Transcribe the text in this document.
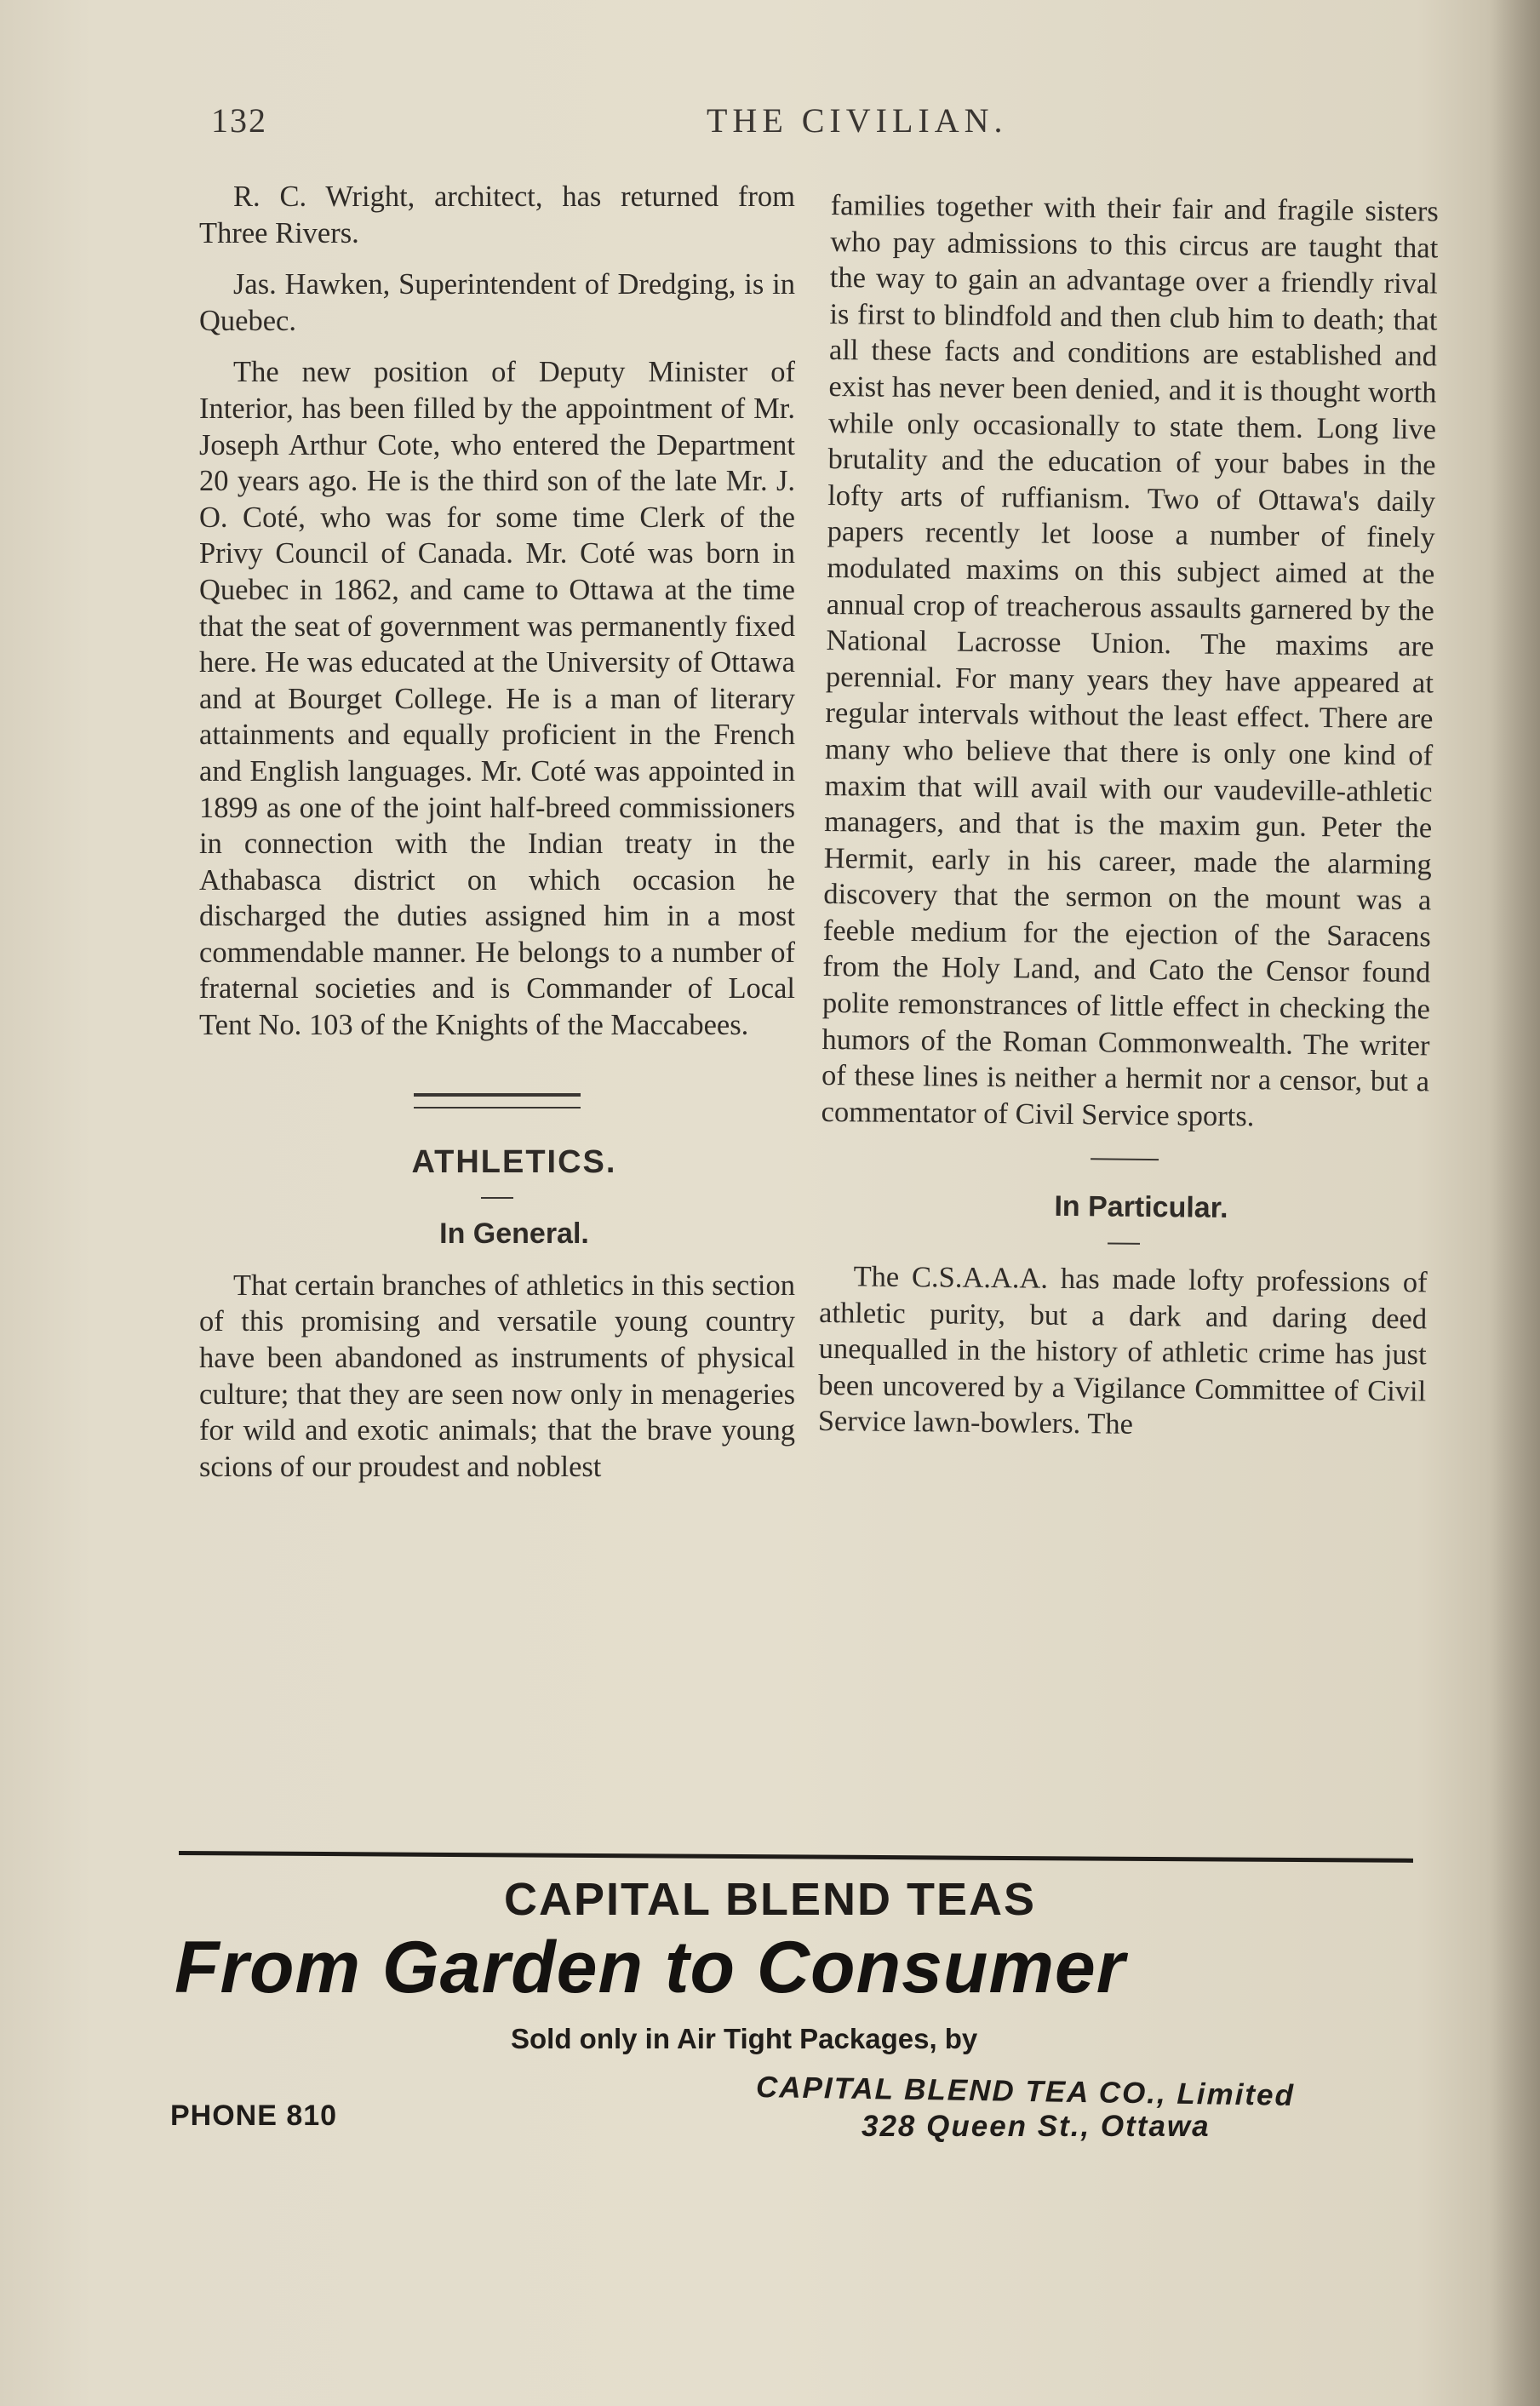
132	THE CIVILIAN.

R. C. Wright, architect, has returned from Three Rivers.

Jas. Hawken, Superintendent of Dredging, is in Quebec.

The new position of Deputy Minister of Interior, has been filled by the appointment of Mr. Joseph Arthur Cote, who entered the Department 20 years ago. He is the third son of the late Mr. J. O. Coté, who was for some time Clerk of the Privy Council of Canada. Mr. Coté was born in Quebec in 1862, and came to Ottawa at the time that the seat of government was permanently fixed here. He was educated at the University of Ottawa and at Bourget College. He is a man of literary attainments and equally proficient in the French and English languages. Mr. Coté was appointed in 1899 as one of the joint half-breed commissioners in connection with the Indian treaty in the Athabasca district on which occasion he discharged the duties assigned him in a most commendable manner. He belongs to a number of fraternal societies and is Commander of Local Tent No. 103 of the Knights of the Maccabees.

ATHLETICS.

In General.

That certain branches of athletics in this section of this promising and versatile young country have been abandoned as instruments of physical culture; that they are seen now only in menageries for wild and exotic animals; that the brave young scions of our proudest and noblest

families together with their fair and fragile sisters who pay admissions to this circus are taught that the way to gain an advantage over a friendly rival is first to blindfold and then club him to death; that all these facts and conditions are established and exist has never been denied, and it is thought worth while only occasionally to state them. Long live brutality and the education of your babes in the lofty arts of ruffianism. Two of Ottawa's daily papers recently let loose a number of finely modulated maxims on this subject aimed at the annual crop of treacherous assaults garnered by the National Lacrosse Union. The maxims are perennial. For many years they have appeared at regular intervals without the least effect. There are many who believe that there is only one kind of maxim that will avail with our vaudeville-athletic managers, and that is the maxim gun. Peter the Hermit, early in his career, made the alarming discovery that the sermon on the mount was a feeble medium for the ejection of the Saracens from the Holy Land, and Cato the Censor found polite remonstrances of little effect in checking the humors of the Roman Commonwealth. The writer of these lines is neither a hermit nor a censor, but a commentator of Civil Service sports.

In Particular.

The C.S.A.A.A. has made lofty professions of athletic purity, but a dark and daring deed unequalled in the history of athletic crime has just been uncovered by a Vigilance Committee of Civil Service lawn-bowlers. The

CAPITAL BLEND TEAS
From Garden to Consumer
Sold only in Air Tight Packages, by
CAPITAL BLEND TEA CO., Limited
328 Queen St., Ottawa
PHONE 810
